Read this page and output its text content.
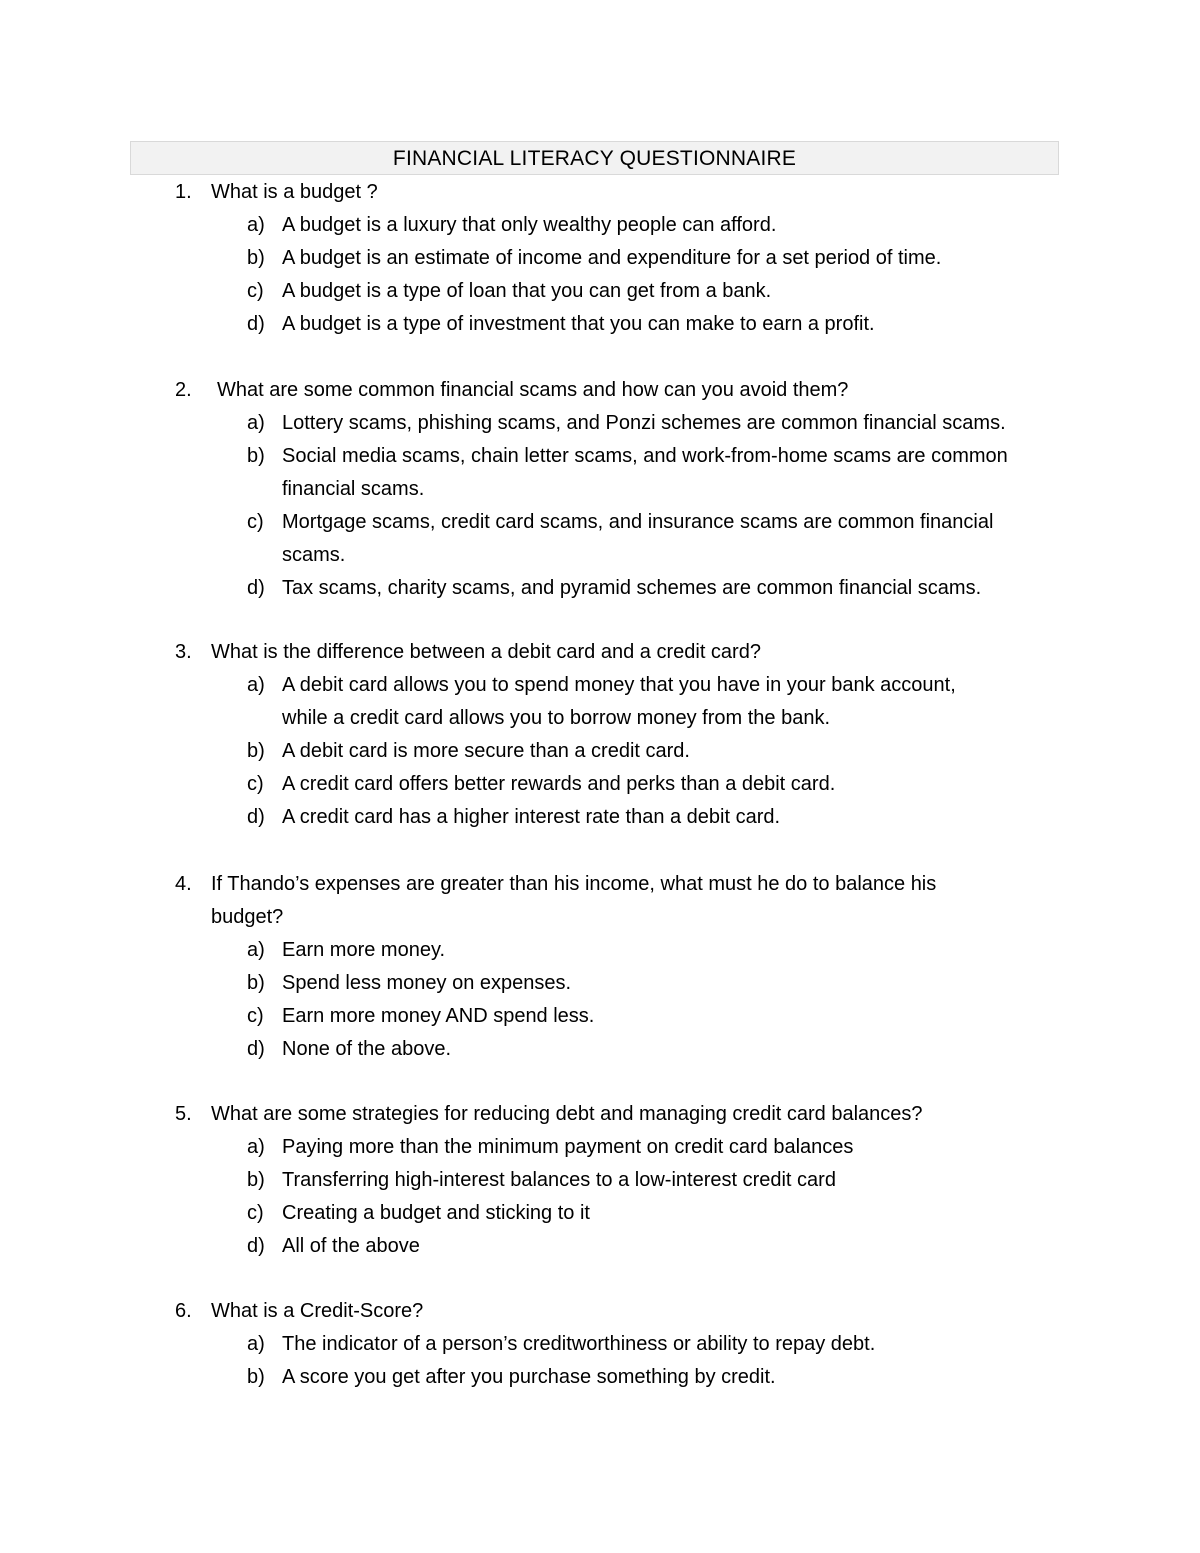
FINANCIAL LITERACY QUESTIONNAIRE
1. What is a budget ?
a) A budget is a luxury that only wealthy people can afford.
b) A budget is an estimate of income and expenditure for a set period of time.
c) A budget is a type of loan that you can get from a bank.
d) A budget is a type of investment that you can make to earn a profit.
2. What are some common financial scams and how can you avoid them?
a) Lottery scams, phishing scams, and Ponzi schemes are common financial scams.
b) Social media scams, chain letter scams, and work-from-home scams are common
financial scams.
c) Mortgage scams, credit card scams, and insurance scams are common financial
scams.
d) Tax scams, charity scams, and pyramid schemes are common financial scams.
3. What is the difference between a debit card and a credit card?
a) A debit card allows you to spend money that you have in your bank account,
while a credit card allows you to borrow money from the bank.
b) A debit card is more secure than a credit card.
c) A credit card offers better rewards and perks than a debit card.
d) A credit card has a higher interest rate than a debit card.
4. If Thando’s expenses are greater than his income, what must he do to balance his
budget?
a) Earn more money.
b) Spend less money on expenses.
c) Earn more money AND spend less.
d) None of the above.
5. What are some strategies for reducing debt and managing credit card balances?
a) Paying more than the minimum payment on credit card balances
b) Transferring high-interest balances to a low-interest credit card
c) Creating a budget and sticking to it
d) All of the above
6. What is a Credit-Score?
a) The indicator of a person’s creditworthiness or ability to repay debt.
b) A score you get after you purchase something by credit.
